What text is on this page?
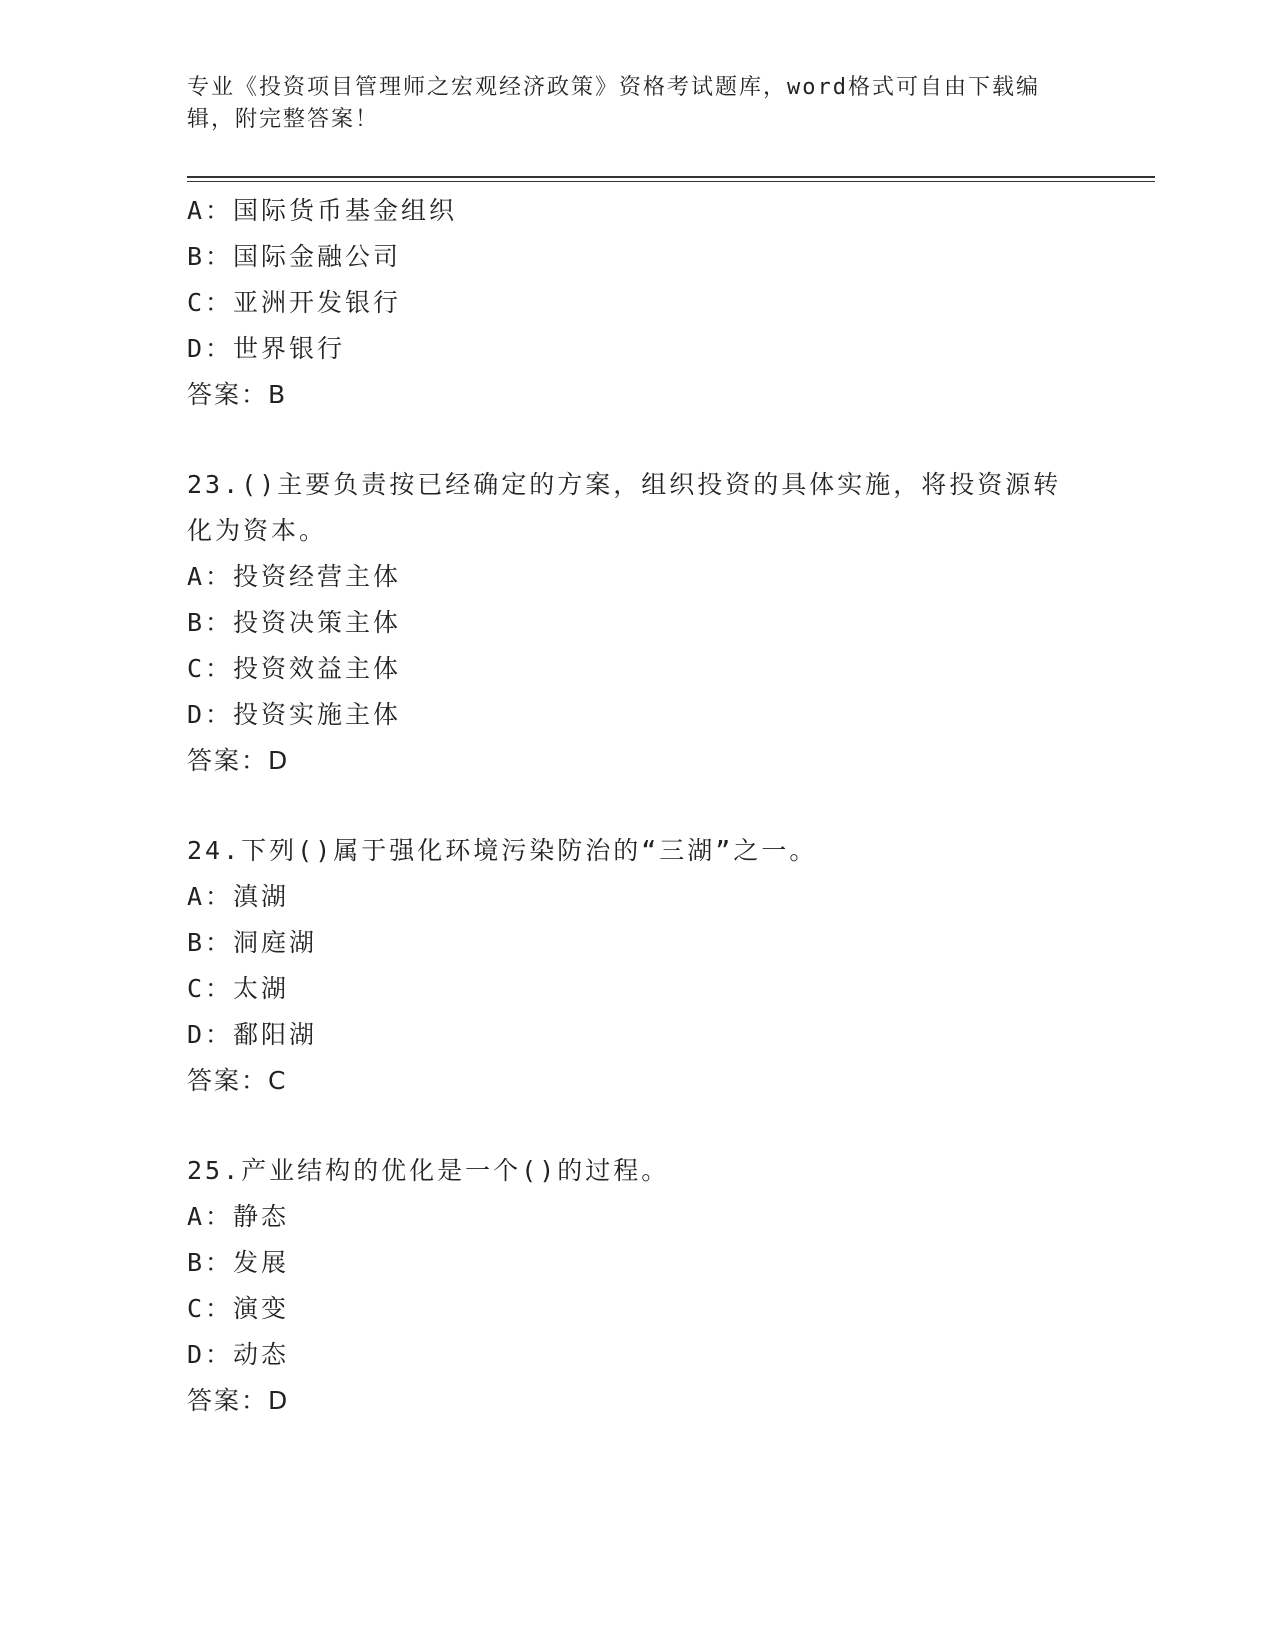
专业《投资项目管理师之宏观经济政策》资格考试题库，word格式可自由下载编
辑，附完整答案！
A： 国际货币基金组织
B： 国际金融公司
C： 亚洲开发银行
D： 世界银行
答案：B
23.()主要负责按已经确定的方案，组织投资的具体实施，将投资源转
化为资本。
A： 投资经营主体
B： 投资决策主体
C： 投资效益主体
D： 投资实施主体
答案：D
24.下列()属于强化环境污染防治的“三湖”之一。
A： 滇湖
B： 洞庭湖
C： 太湖
D： 鄱阳湖
答案：C
25.产业结构的优化是一个()的过程。
A： 静态
B： 发展
C： 演变
D： 动态
答案：D
